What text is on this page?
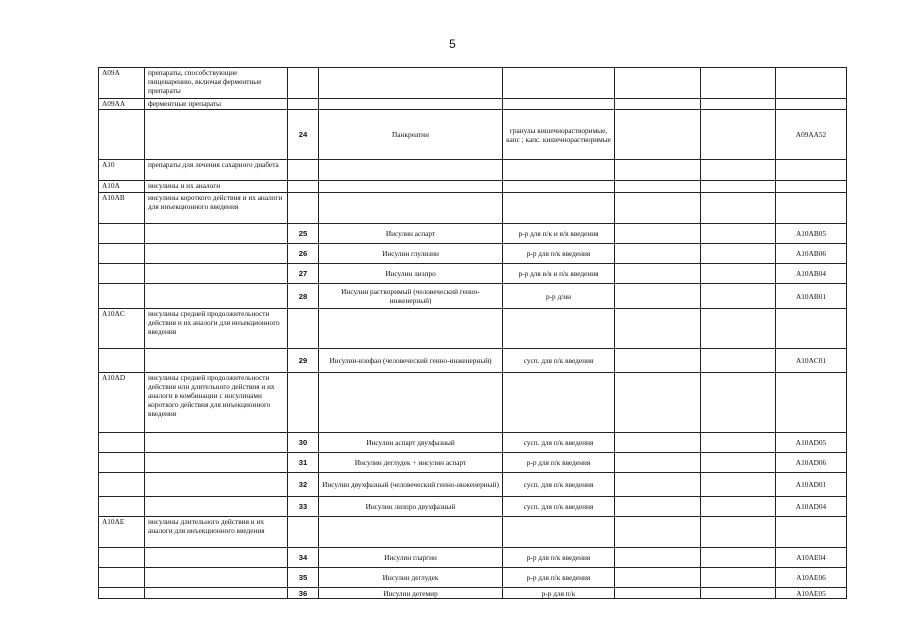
5
A09A	препараты, способствующие пищеварению, включая ферментные препараты						
A09AA	ферментные препараты						
		24	Панкреатин	гранулы кишечнорастворимые, капс ; капс. кишечнорастворимые			A09AA52
A10	препараты для лечения сахарного диабета						
A10A	инсулины и их аналоги						
A10AB	инсулины короткого действия и их аналоги для инъекционного введения						
		25	Инсулин аспарт	р-р для п/к и в/в введения			A10AB05
		26	Инсулин глулизин	р-р для п/к введения			A10AB06
		27	Инсулин лизпро	р-р для в/в и п/к введения			A10AB04
		28	Инсулин растворимый (человеческий генно-инженерный)	р-р д/ин			A10AB01
A10AC	инсулины средней продолжительности действия и их аналоги для инъекционного введения						
		29	Инсулин-изофан (человеческий генно-инженерный)	сусп. для п/к введения			A10AC01
A10AD	инсулины средней продолжительности действия или длительного действия и их аналоги в комбинации с инсулинами короткого действия для инъекционного введения						
		30	Инсулин аспарт двухфазный	сусп. для п/к введения			A10AD05
		31	Инсулин деглудек + инсулин аспарт	р-р для п/к введения			A10AD06
		32	Инсулин двухфазный (человеческий генно-инженерный)	сусп. для п/к введения			A10AD01
		33	Инсулин лизпро двухфазный	сусп. для п/к введения			A10AD04
A10AE	инсулины длительного действия и их аналоги для инъекционного введения						
		34	Инсулин гларгин	р-р для п/к введения			A10AE04
		35	Инсулин деглудек	р-р для п/к введения			A10AE06
		36	Инсулин детемир	р-р для п/к			A10AE05
